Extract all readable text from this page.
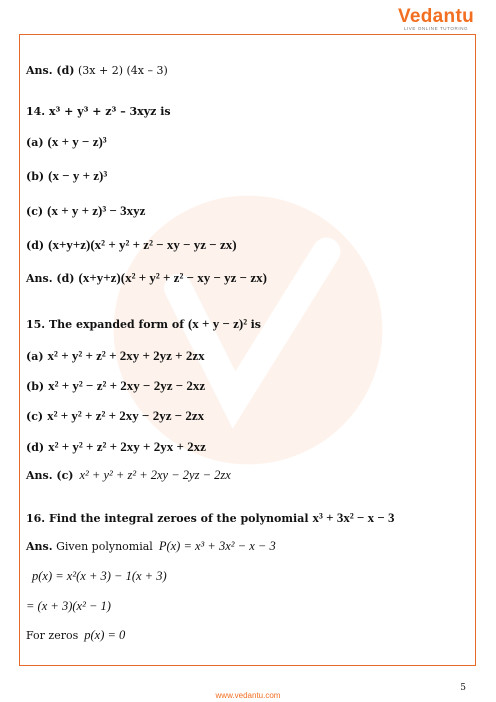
Vedantu
LIVE ONLINE TUTORING
Ans. (d)
(3x + 2) (4x – 3)
14. x³ + y³ + z³ – 3xyz is
(a) (x + y − z)³
(b) (x − y + z)³
(c) (x + y + z)³ − 3xyz
(d) (x+y+z)(x² + y² + z² − xy − yz − zx)
Ans. (d) (x+y+z)(x² + y² + z² − xy − yz − zx)
15. The expanded form of (x + y − z)²
is
(a) x² + y² + z² + 2xy + 2yz + 2zx
(b) x² + y² − z² + 2xy − 2yz − 2xz
(c) x² + y² + z² + 2xy − 2yz − 2zx
(d) x² + y² + z² + 2xy + 2yx + 2xz
Ans. (c) x² + y² + z² + 2xy − 2yz − 2zx
16. Find the integral zeroes of the polynomial x³ + 3x² − x − 3
Ans.
Given polynomial P(x) = x³ + 3x² − x − 3
p(x) = x²(x + 3) − 1(x + 3)
= (x + 3)(x² − 1)
For zeros p(x) = 0
5
www.vedantu.com
